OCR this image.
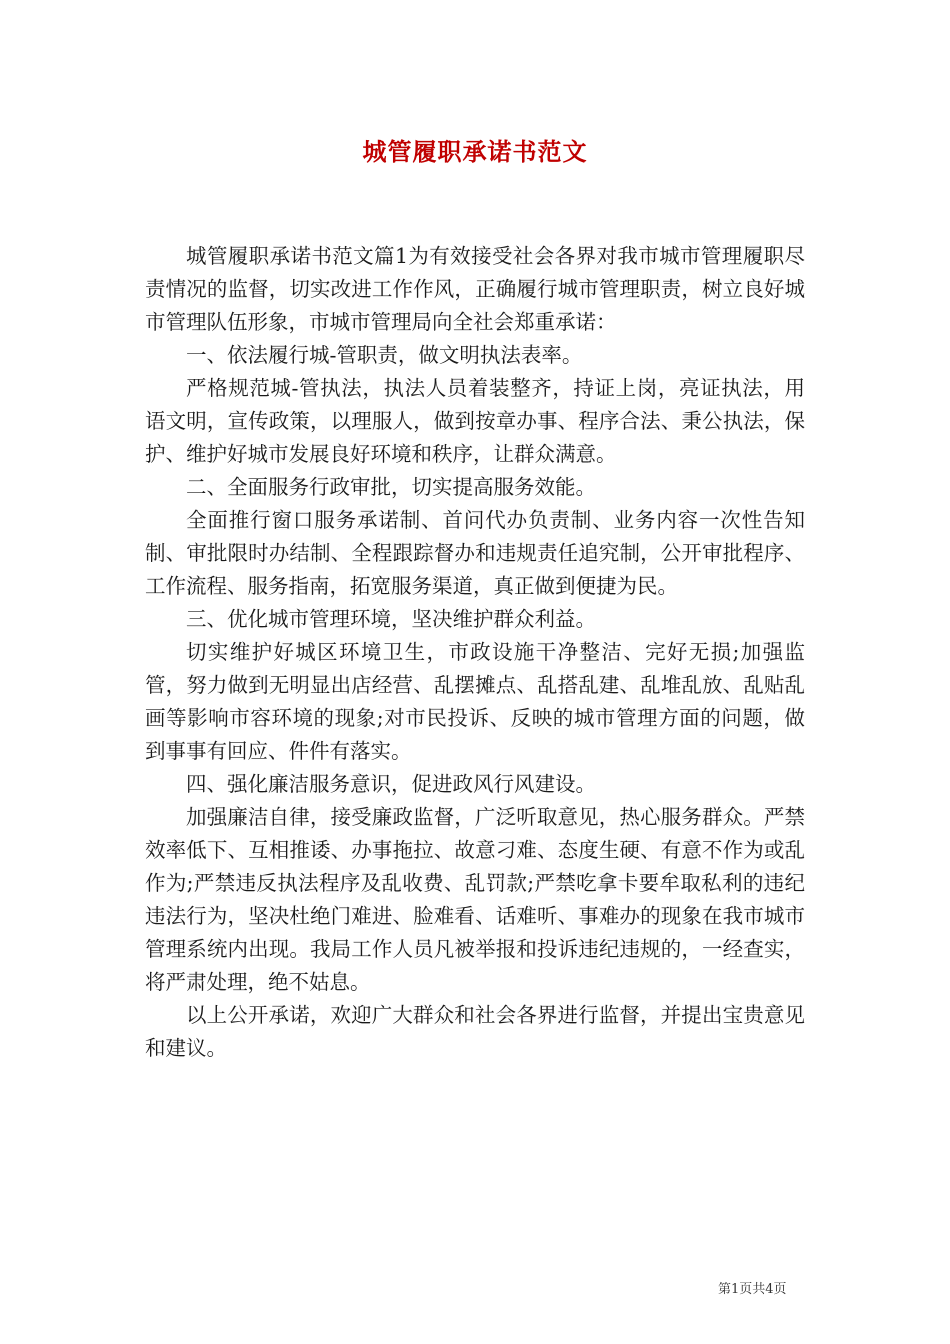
城管履职承诺书范文

城管履职承诺书范文篇1为有效接受社会各界对我市城市管理履职尽责情况的监督，切实改进工作作风，正确履行城市管理职责，树立良好城市管理队伍形象，市城市管理局向全社会郑重承诺：

一、依法履行城-管职责，做文明执法表率。

严格规范城-管执法，执法人员着装整齐，持证上岗，亮证执法，用语文明，宣传政策，以理服人，做到按章办事、程序合法、秉公执法，保护、维护好城市发展良好环境和秩序，让群众满意。

二、全面服务行政审批，切实提高服务效能。

全面推行窗口服务承诺制、首问代办负责制、业务内容一次性告知制、审批限时办结制、全程跟踪督办和违规责任追究制，公开审批程序、工作流程、服务指南，拓宽服务渠道，真正做到便捷为民。

三、优化城市管理环境，坚决维护群众利益。

切实维护好城区环境卫生，市政设施干净整洁、完好无损;加强监管，努力做到无明显出店经营、乱摆摊点、乱搭乱建、乱堆乱放、乱贴乱画等影响市容环境的现象;对市民投诉、反映的城市管理方面的问题，做到事事有回应、件件有落实。

四、强化廉洁服务意识，促进政风行风建设。

加强廉洁自律，接受廉政监督，广泛听取意见，热心服务群众。严禁效率低下、互相推诿、办事拖拉、故意刁难、态度生硬、有意不作为或乱作为;严禁违反执法程序及乱收费、乱罚款;严禁吃拿卡要牟取私利的违纪违法行为，坚决杜绝门难进、脸难看、话难听、事难办的现象在我市城市管理系统内出现。我局工作人员凡被举报和投诉违纪违规的，一经查实，将严肃处理，绝不姑息。

以上公开承诺，欢迎广大群众和社会各界进行监督，并提出宝贵意见和建议。

第1页共4页
